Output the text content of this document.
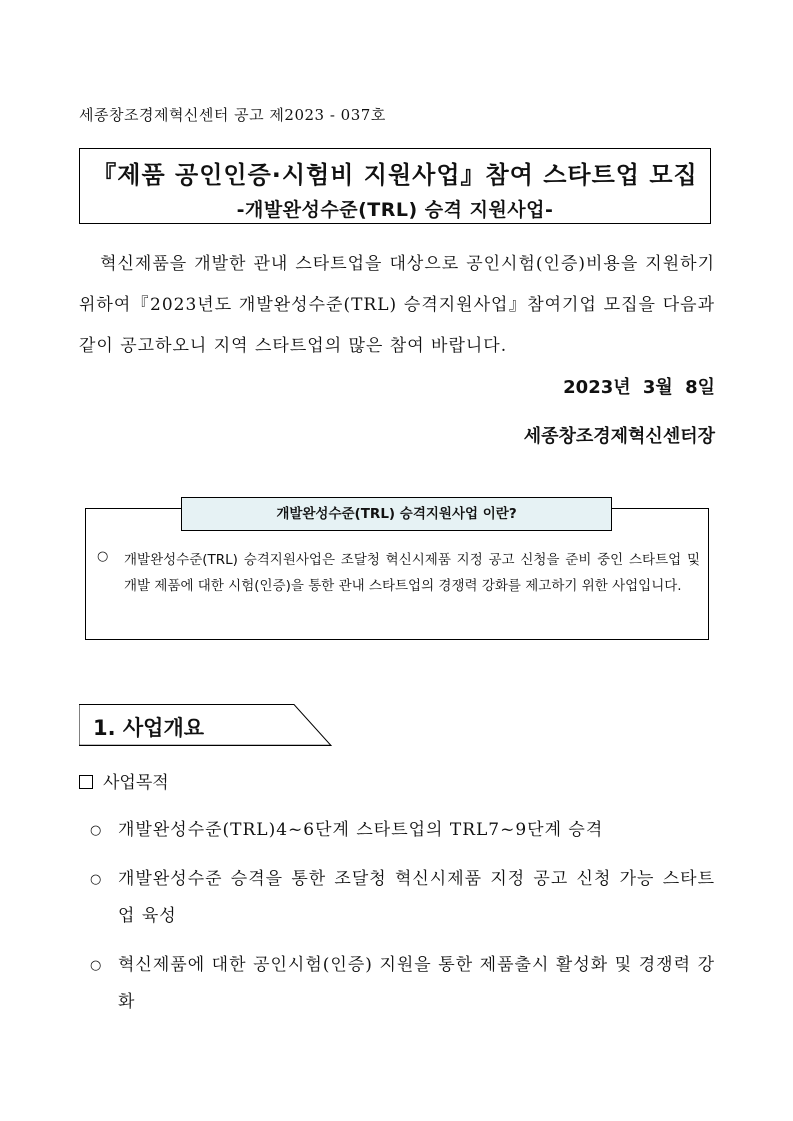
세종창조경제혁신센터 공고 제2023 - 037호
『제품 공인인증·시험비 지원사업』참여 스타트업 모집
-개발완성수준(TRL) 승격 지원사업-
혁신제품을 개발한 관내 스타트업을 대상으로 공인시험(인증)비용을 지원하기 위하여『2023년도 개발완성수준(TRL) 승격지원사업』참여기업 모집을 다음과 같이 공고하오니 지역 스타트업의 많은 참여 바랍니다.
2023년 3월 8일
세종창조경제혁신센터장
개발완성수준(TRL) 승격지원사업 이란?
○ 개발완성수준(TRL) 승격지원사업은 조달청 혁신시제품 지정 공고 신청을 준비 중인 스타트업 및 개발 제품에 대한 시험(인증)을 통한 관내 스타트업의 경쟁력 강화를 제고하기 위한 사업입니다.
1. 사업개요
사업목적
○ 개발완성수준(TRL)4~6단계 스타트업의 TRL7~9단계 승격
○ 개발완성수준 승격을 통한 조달청 혁신시제품 지정 공고 신청 가능 스타트업 육성
○ 혁신제품에 대한 공인시험(인증) 지원을 통한 제품출시 활성화 및 경쟁력 강화
